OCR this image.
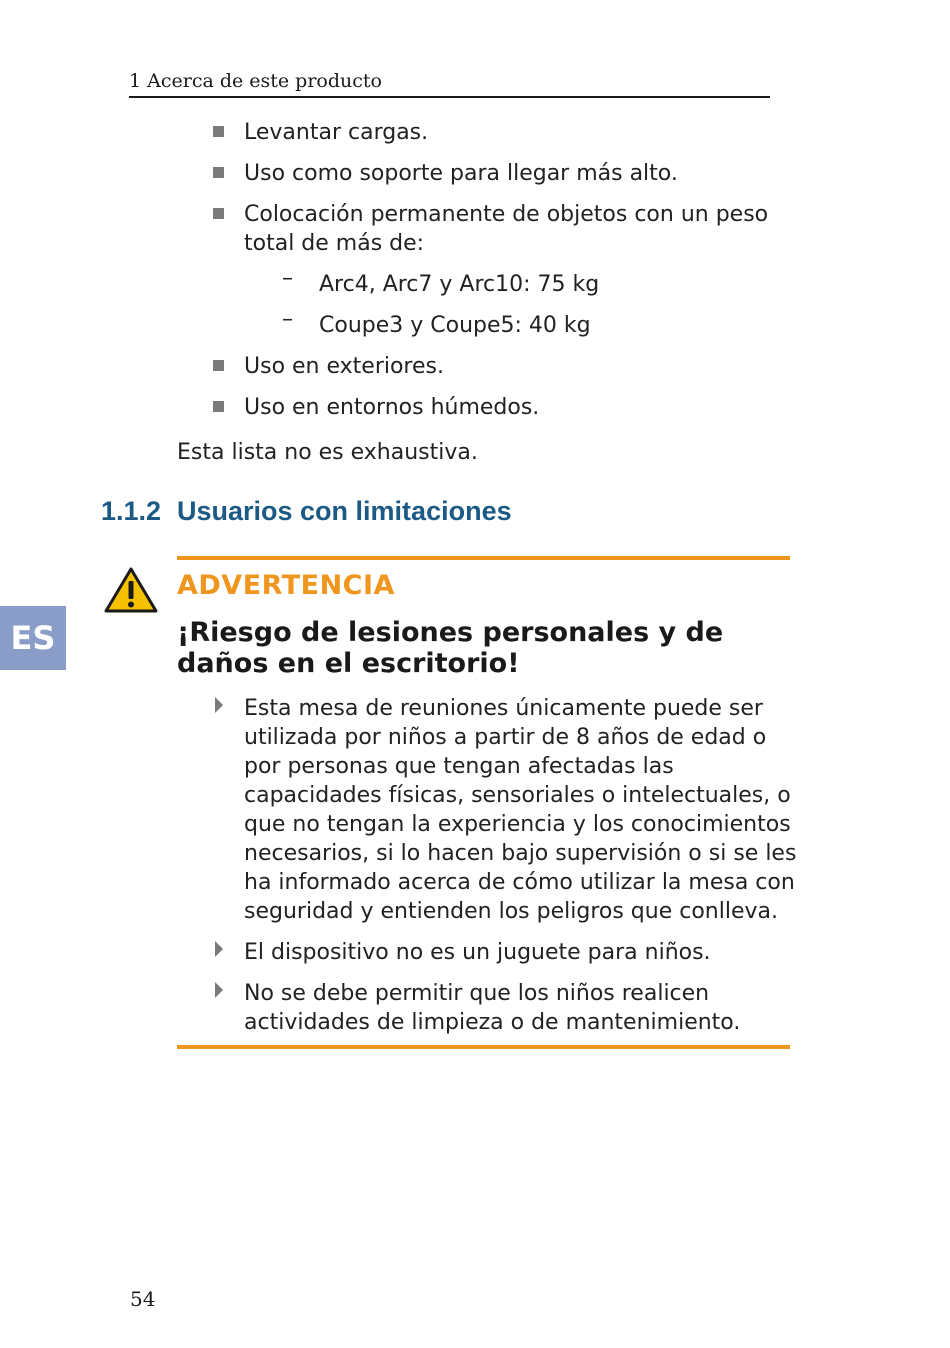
1 Acerca de este producto
Levantar cargas.
Uso como soporte para llegar más alto.
Colocación permanente de objetos con un peso total de más de:
– Arc4, Arc7 y Arc10: 75 kg
– Coupe3 y Coupe5: 40 kg
Uso en exteriores.
Uso en entornos húmedos.
Esta lista no es exhaustiva.
1.1.2 Usuarios con limitaciones
ES
ADVERTENCIA
¡Riesgo de lesiones personales y de daños en el escritorio!
Esta mesa de reuniones únicamente puede ser utilizada por niños a partir de 8 años de edad o por personas que tengan afectadas las capacidades físicas, sensoriales o intelectuales, o que no tengan la experiencia y los conocimientos necesarios, si lo hacen bajo supervisión o si se les ha informado acerca de cómo utilizar la mesa con seguridad y entienden los peligros que conlleva.
El dispositivo no es un juguete para niños.
No se debe permitir que los niños realicen actividades de limpieza o de mantenimiento.
54
